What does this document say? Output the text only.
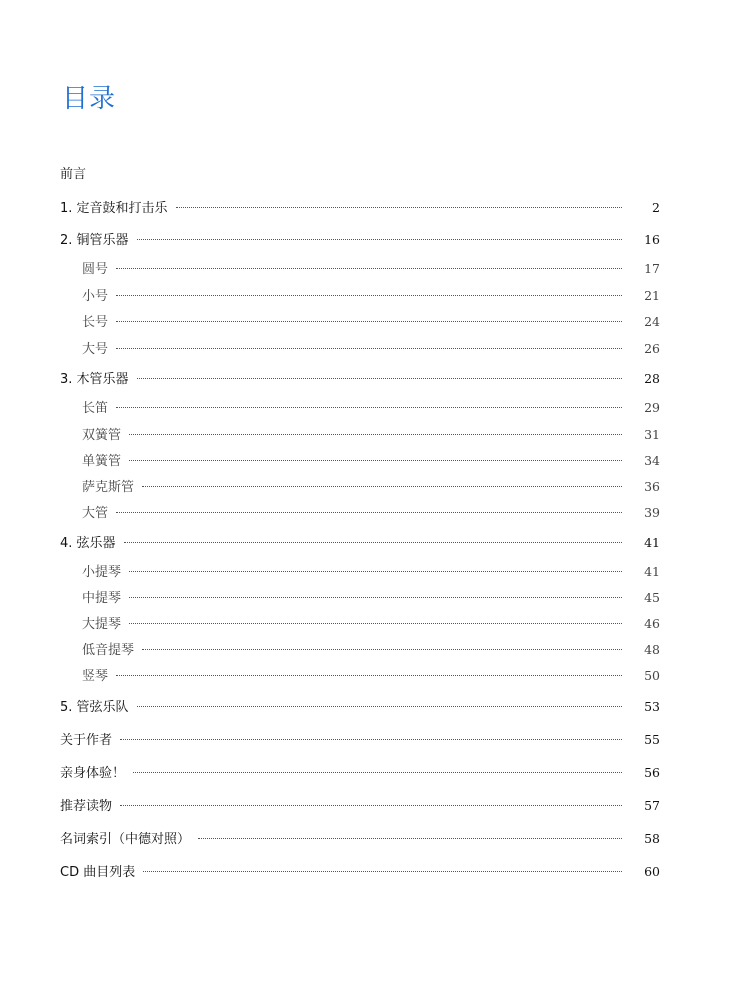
目录
前言
1. 定音鼓和打击乐	2
2. 铜管乐器	16
圆号	17
小号	21
长号	24
大号	26
3. 木管乐器	28
长笛	29
双簧管	31
单簧管	34
萨克斯管	36
大管	39
4. 弦乐器	41
小提琴	41
中提琴	45
大提琴	46
低音提琴	48
竖琴	50
5. 管弦乐队	53
关于作者	55
亲身体验！	56
推荐读物	57
名词索引（中德对照）	58
CD 曲目列表	60
